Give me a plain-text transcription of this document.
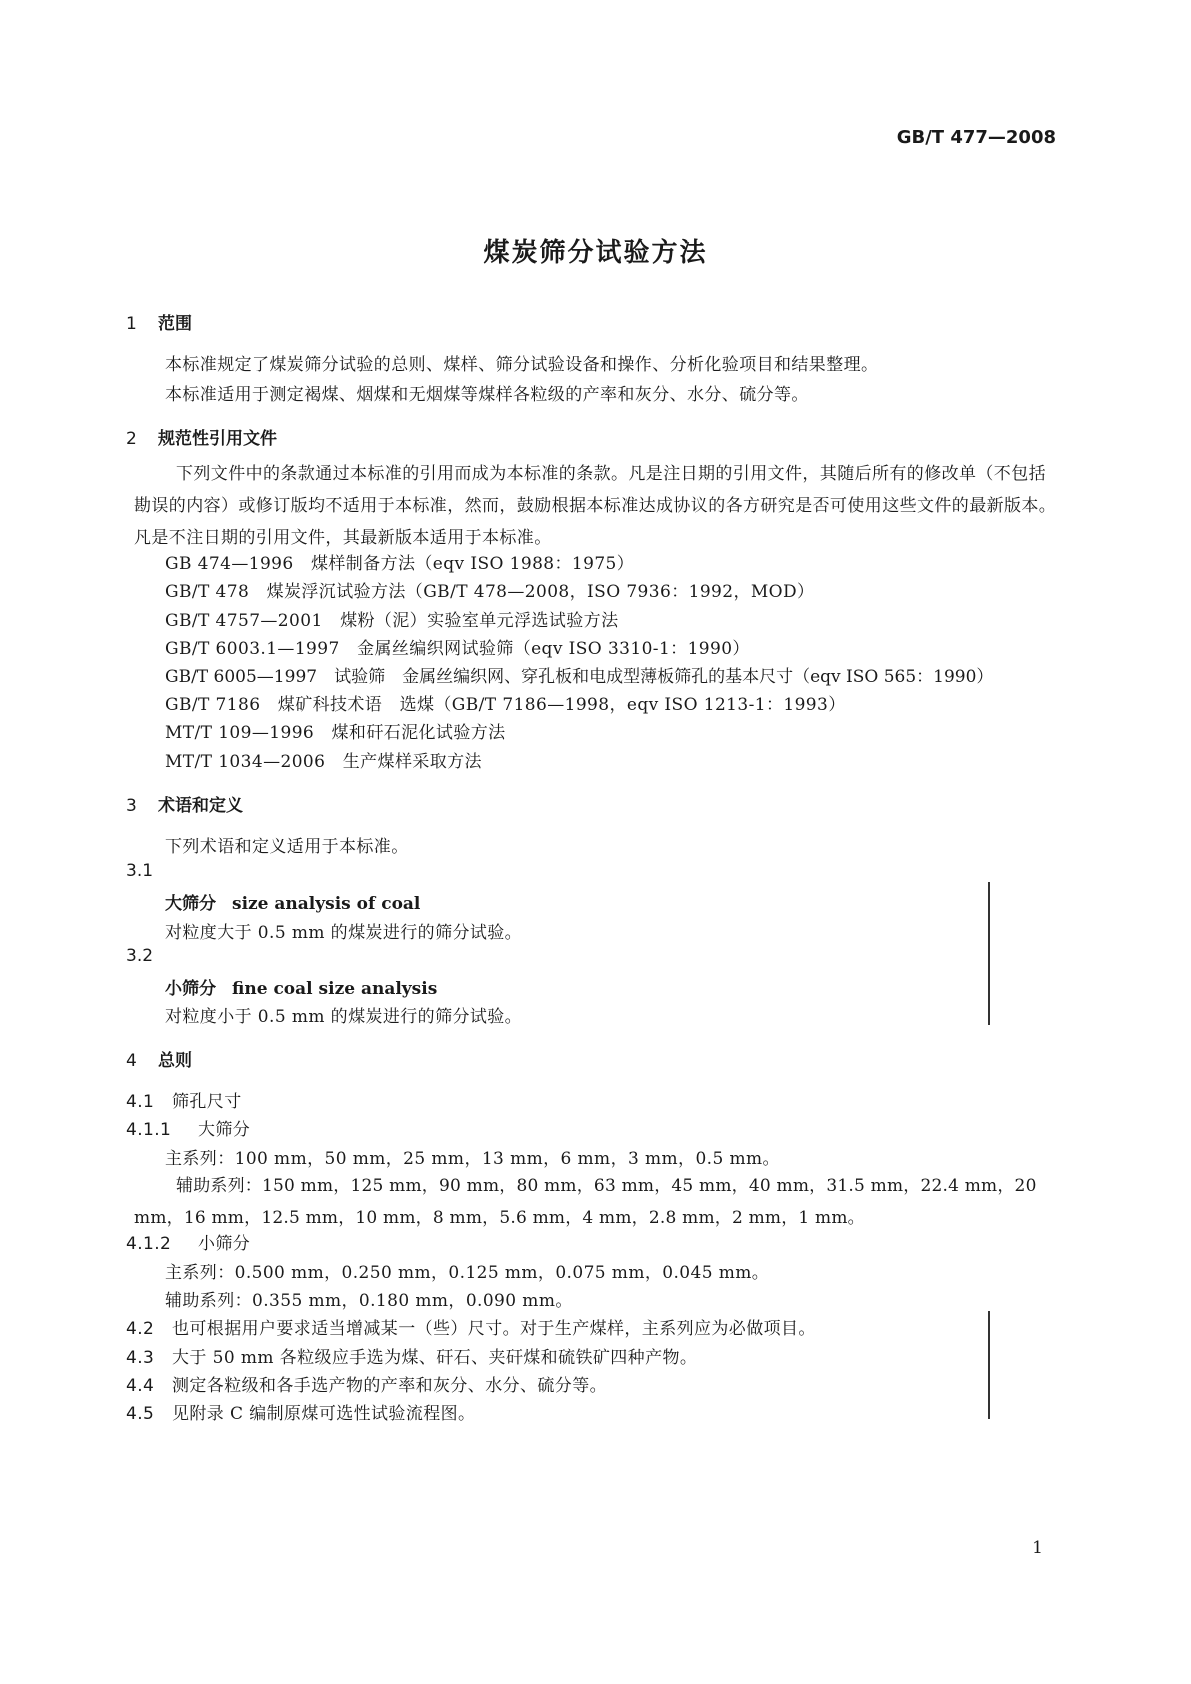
GB/T 477—2008
煤炭筛分试验方法
1 范围
本标准规定了煤炭筛分试验的总则、煤样、筛分试验设备和操作、分析化验项目和结果整理。
本标准适用于测定褐煤、烟煤和无烟煤等煤样各粒级的产率和灰分、水分、硫分等。
2 规范性引用文件

下列文件中的条款通过本标准的引用而成为本标准的条款。凡是注日期的引用文件，其随后所有的修改单（不包括勘误的内容）或修订版均不适用于本标准，然而，鼓励根据本标准达成协议的各方研究是否可使用这些文件的最新版本。凡是不注日期的引用文件，其最新版本适用于本标准。

GB 474—1996　煤样制备方法（eqv ISO 1988：1975）
GB/T 478　煤炭浮沉试验方法（GB/T 478—2008，ISO 7936：1992，MOD）
GB/T 4757—2001　煤粉（泥）实验室单元浮选试验方法
GB/T 6003.1—1997　金属丝编织网试验筛（eqv ISO 3310-1：1990）
GB/T 6005—1997　试验筛　金属丝编织网、穿孔板和电成型薄板筛孔的基本尺寸（eqv ISO 565：1990）
GB/T 7186　煤矿科技术语　选煤（GB/T 7186—1998，eqv ISO 1213-1：1993）
MT/T 109—1996　煤和矸石泥化试验方法
MT/T 1034—2006　生产煤样采取方法
3 术语和定义
下列术语和定义适用于本标准。
3.1
大筛分 size analysis of coal
对粒度大于 0.5 mm 的煤炭进行的筛分试验。
3.2
小筛分 fine coal size analysis
对粒度小于 0.5 mm 的煤炭进行的筛分试验。
4 总则
4.1 筛孔尺寸
4.1.1 大筛分
主系列：100 mm，50 mm，25 mm，13 mm，6 mm，3 mm，0.5 mm。

辅助系列：150 mm，125 mm，90 mm，80 mm，63 mm，45 mm，40 mm，31.5 mm，22.4 mm，20 mm，16 mm，12.5 mm，10 mm，8 mm，5.6 mm，4 mm，2.8 mm，2 mm，1 mm。

4.1.2 小筛分
主系列：0.500 mm，0.250 mm，0.125 mm，0.075 mm，0.045 mm。
辅助系列：0.355 mm，0.180 mm，0.090 mm。
4.2 也可根据用户要求适当增减某一（些）尺寸。对于生产煤样，主系列应为必做项目。
4.3 大于 50 mm 各粒级应手选为煤、矸石、夹矸煤和硫铁矿四种产物。
4.4 测定各粒级和各手选产物的产率和灰分、水分、硫分等。
4.5 见附录 C 编制原煤可选性试验流程图。
1
